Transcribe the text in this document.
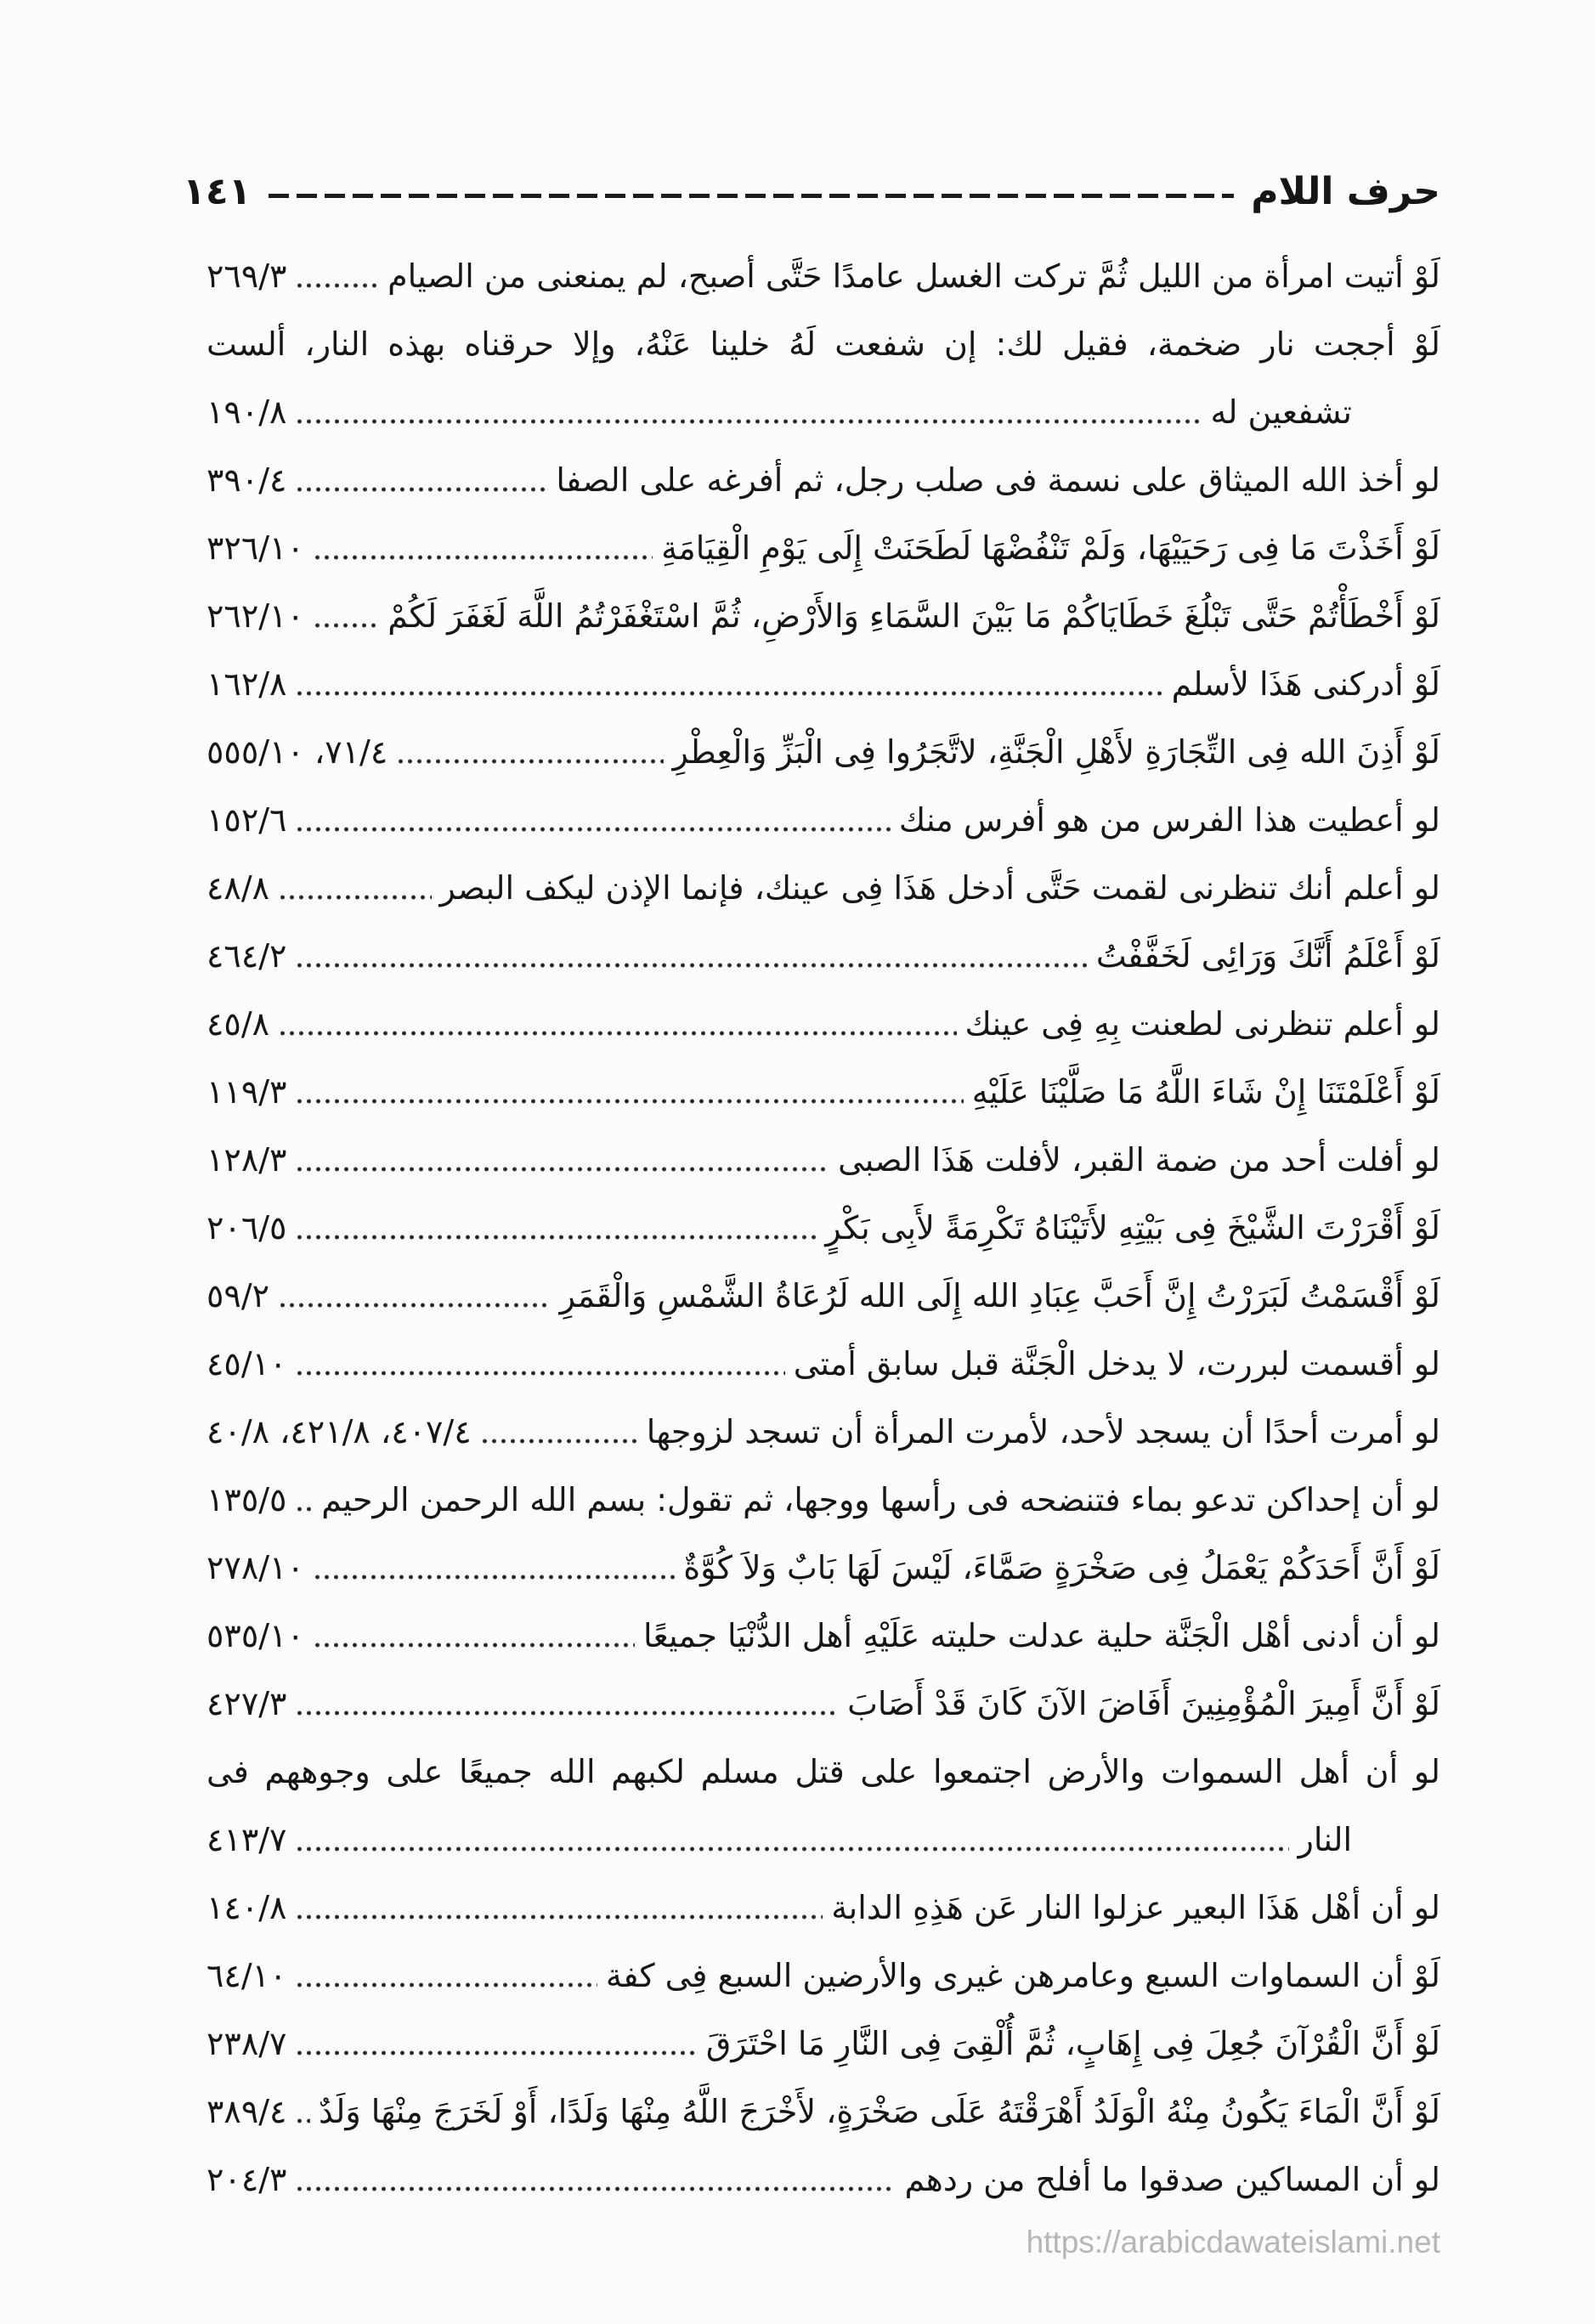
حرف اللام
١٤١
لَوْ أتيت امرأة من الليل ثُمَّ تركت الغسل عامدًا حَتَّى أصبح، لم يمنعنى من الصيام
٢٦٩/٣
لَوْ أججت نار ضخمة، فقيل لك: إن شفعت لَهُ خلينا عَنْهُ، وإلا حرقناه بهذه النار، ألست
تشفعين له
١٩٠/٨
لو أخذ الله الميثاق على نسمة فى صلب رجل، ثم أفرغه على الصفا
٣٩٠/٤
لَوْ أَخَذْتَ مَا فِى رَحَيَيْهَا، وَلَمْ تَنْفُضْهَا لَطَحَنَتْ إِلَى يَوْمِ الْقِيَامَةِ
٣٢٦/١٠
لَوْ أَخْطَأْتُمْ حَتَّى تَبْلُغَ خَطَايَاكُمْ مَا بَيْنَ السَّمَاءِ وَالأَرْضِ، ثُمَّ اسْتَغْفَرْتُمُ اللَّهَ لَغَفَرَ لَكُمْ
٢٦٢/١٠
لَوْ أدركنى هَذَا لأسلم
١٦٢/٨
لَوْ أَذِنَ الله فِى التِّجَارَةِ لأَهْلِ الْجَنَّةِ، لاتَّجَرُوا فِى الْبَزِّ وَالْعِطْرِ
٧١/٤، ٥٥٥/١٠
لو أعطيت هذا الفرس من هو أفرس منك
١٥٢/٦
لو أعلم أنك تنظرنى لقمت حَتَّى أدخل هَذَا فِى عينك، فإنما الإذن ليكف البصر
٤٨/٨
لَوْ أَعْلَمُ أَنَّكَ وَرَائِى لَخَفَّفْتُ
٤٦٤/٢
لو أعلم تنظرنى لطعنت بِهِ فِى عينك
٤٥/٨
لَوْ أَعْلَمْتَنَا إِنْ شَاءَ اللَّهُ مَا صَلَّيْنَا عَلَيْهِ
١١٩/٣
لو أفلت أحد من ضمة القبر، لأفلت هَذَا الصبى
١٢٨/٣
لَوْ أَقْرَرْتَ الشَّيْخَ فِى بَيْتِهِ لأَتَيْنَاهُ تَكْرِمَةً لأَبِى بَكْرٍ
٢٠٦/٥
لَوْ أَقْسَمْتُ لَبَرَرْتُ إِنَّ أَحَبَّ عِبَادِ الله إِلَى الله لَرُعَاةُ الشَّمْسِ وَالْقَمَرِ
٥٩/٢
لو أقسمت لبررت، لا يدخل الْجَنَّة قبل سابق أمتى
٤٥/١٠
لو أمرت أحدًا أن يسجد لأحد، لأمرت المرأة أن تسجد لزوجها
٤٠٧/٤، ٤٢١/٨، ٤٠/٨
لو أن إحداكن تدعو بماء فتنضحه فى رأسها ووجها، ثم تقول: بسم الله الرحمن الرحيم
١٣٥/٥
لَوْ أَنَّ أَحَدَكُمْ يَعْمَلُ فِى صَخْرَةٍ صَمَّاءَ، لَيْسَ لَهَا بَابٌ وَلاَ كُوَّةٌ
٢٧٨/١٠
لو أن أدنى أهْل الْجَنَّة حلية عدلت حليته عَلَيْهِ أهل الدُّنْيَا جميعًا
٥٣٥/١٠
لَوْ أَنَّ أَمِيرَ الْمُؤْمِنِينَ أَفَاضَ الآنَ كَانَ قَدْ أَصَابَ
٤٢٧/٣
لو أن أهل السموات والأرض اجتمعوا على قتل مسلم لكبهم الله جميعًا على وجوههم فى
النار
٤١٣/٧
لو أن أهْل هَذَا البعير عزلوا النار عَن هَذِهِ الدابة
١٤٠/٨
لَوْ أن السماوات السبع وعامرهن غيرى والأرضين السبع فِى كفة
٦٤/١٠
لَوْ أَنَّ الْقُرْآنَ جُعِلَ فِى إِهَابٍ، ثُمَّ أُلْقِىَ فِى النَّارِ مَا احْتَرَقَ
٢٣٨/٧
لَوْ أَنَّ الْمَاءَ يَكُونُ مِنْهُ الْوَلَدُ أَهْرَقْتَهُ عَلَى صَخْرَةٍ، لأَخْرَجَ اللَّهُ مِنْهَا وَلَدًا، أَوْ لَخَرَجَ مِنْهَا وَلَدٌ
٣٨٩/٤
لو أن المساكين صدقوا ما أفلح من ردهم
٢٠٤/٣
https://arabicdawateislami.net
